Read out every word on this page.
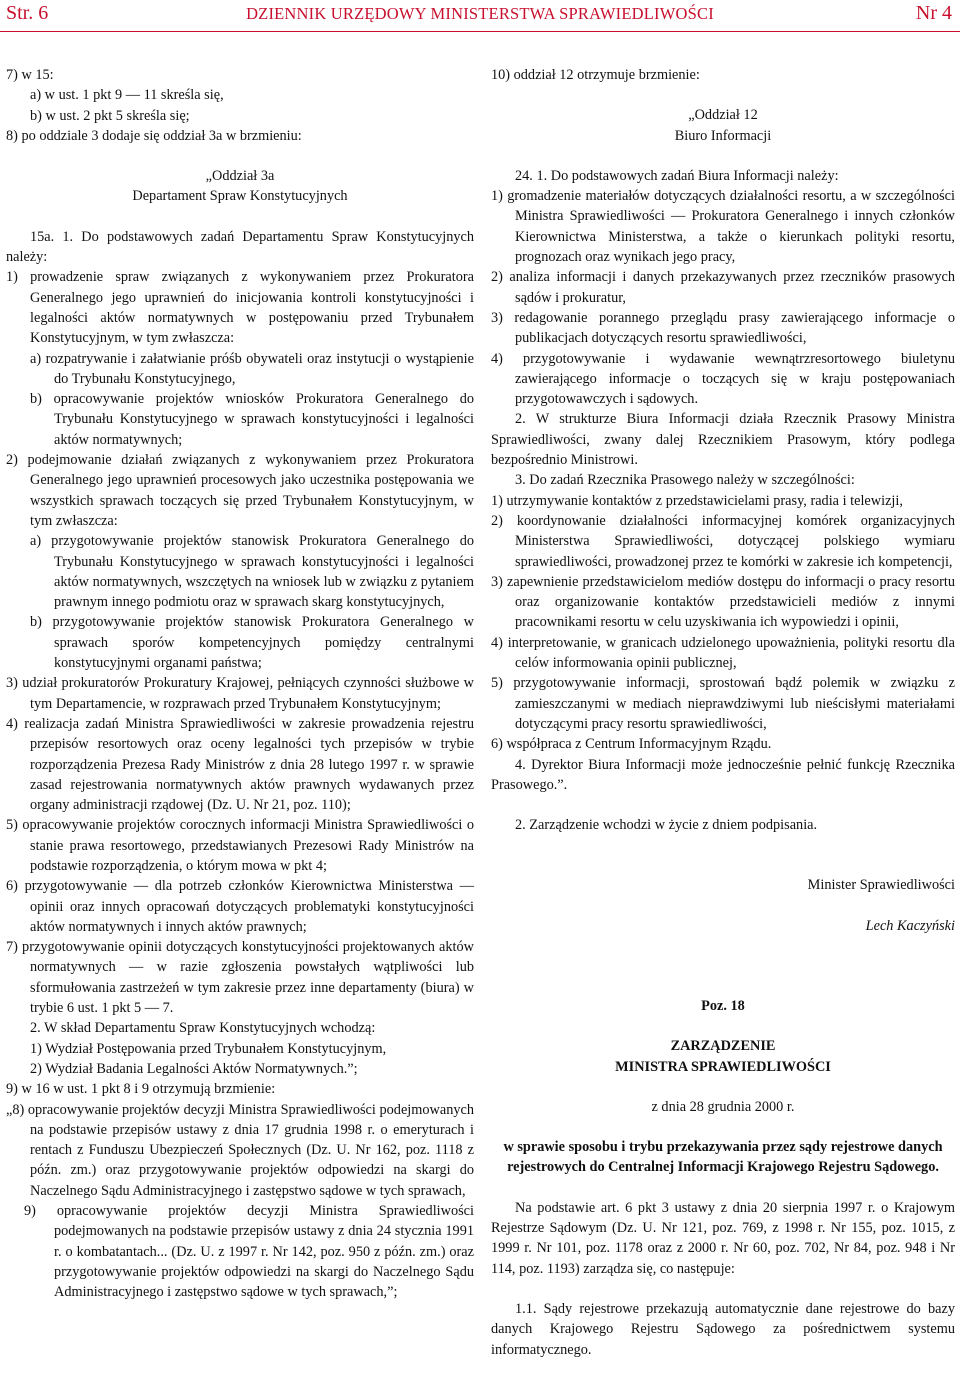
Str. 6	DZIENNIK URZĘDOWY MINISTERSTWA SPRAWIEDLIWOŚCI	Nr 4

7) w 15:

a) w ust. 1 pkt 9 — 11 skreśla się,

b) w ust. 2 pkt 5 skreśla się;

8) po oddziale 3 dodaje się oddział 3a w brzmieniu:

„Oddział 3a

Departament Spraw Konstytucyjnych

15a. 1. Do podstawowych zadań Departamentu Spraw Konstytucyjnych należy:

1) prowadzenie spraw związanych z wykonywaniem przez Prokuratora Generalnego jego uprawnień do inicjowania kontroli konstytucyjności i legalności aktów normatywnych w postępowaniu przed Trybunałem Konstytucyjnym, w tym zwłaszcza:

a) rozpatrywanie i załatwianie próśb obywateli oraz instytucji o wystąpienie do Trybunału Konstytucyjnego,

b) opracowywanie projektów wniosków Prokuratora Generalnego do Trybunału Konstytucyjnego w sprawach konstytucyjności i legalności aktów normatywnych;

2) podejmowanie działań związanych z wykonywaniem przez Prokuratora Generalnego jego uprawnień procesowych jako uczestnika postępowania we wszystkich sprawach toczących się przed Trybunałem Konstytucyjnym, w tym zwłaszcza:

a) przygotowywanie projektów stanowisk Prokuratora Generalnego do Trybunału Konstytucyjnego w sprawach konstytucyjności i legalności aktów normatywnych, wszczętych na wniosek lub w związku z pytaniem prawnym innego podmiotu oraz w sprawach skarg konstytucyjnych,

b) przygotowywanie projektów stanowisk Prokuratora Generalnego w sprawach sporów kompetencyjnych pomiędzy centralnymi konstytucyjnymi organami państwa;

3) udział prokuratorów Prokuratury Krajowej, pełniących czynności służbowe w tym Departamencie, w rozprawach przed Trybunałem Konstytucyjnym;

4) realizacja zadań Ministra Sprawiedliwości w zakresie prowadzenia rejestru przepisów resortowych oraz oceny legalności tych przepisów w trybie rozporządzenia Prezesa Rady Ministrów z dnia 28 lutego 1997 r. w sprawie zasad rejestrowania normatywnych aktów prawnych wydawanych przez organy administracji rządowej (Dz. U. Nr 21, poz. 110);

5) opracowywanie projektów corocznych informacji Ministra Sprawiedliwości o stanie prawa resortowego, przedstawianych Prezesowi Rady Ministrów na podstawie rozporządzenia, o którym mowa w pkt 4;

6) przygotowywanie — dla potrzeb członków Kierownictwa Ministerstwa — opinii oraz innych opracowań dotyczących problematyki konstytucyjności aktów normatywnych i innych aktów prawnych;

7) przygotowywanie opinii dotyczących konstytucyjności projektowanych aktów normatywnych — w razie zgłoszenia powstałych wątpliwości lub sformułowania zastrzeżeń w tym zakresie przez inne departamenty (biura) w trybie 6 ust. 1 pkt 5 — 7.

2. W skład Departamentu Spraw Konstytucyjnych wchodzą:

1) Wydział Postępowania przed Trybunałem Konstytucyjnym,

2) Wydział Badania Legalności Aktów Normatywnych.”;

9) w 16 w ust. 1 pkt 8 i 9 otrzymują brzmienie:

„8) opracowywanie projektów decyzji Ministra Sprawiedliwości podejmowanych na podstawie przepisów ustawy z dnia 17 grudnia 1998 r. o emeryturach i rentach z Funduszu Ubezpieczeń Społecznych (Dz. U. Nr 162, poz. 1118 z późn. zm.) oraz przygotowywanie projektów odpowiedzi na skargi do Naczelnego Sądu Administracyjnego i zastępstwo sądowe w tych sprawach,

9) opracowywanie projektów decyzji Ministra Sprawiedliwości podejmowanych na podstawie przepisów ustawy z dnia 24 stycznia 1991 r. o kombatantach... (Dz. U. z 1997 r. Nr 142, poz. 950 z późn. zm.) oraz przygotowywanie projektów odpowiedzi na skargi do Naczelnego Sądu Administracyjnego i zastępstwo sądowe w tych sprawach,”;

10) oddział 12 otrzymuje brzmienie:

„Oddział 12

Biuro Informacji

24. 1. Do podstawowych zadań Biura Informacji należy:

1) gromadzenie materiałów dotyczących działalności resortu, a w szczególności Ministra Sprawiedliwości — Prokuratora Generalnego i innych członków Kierownictwa Ministerstwa, a także o kierunkach polityki resortu, prognozach oraz wynikach jego pracy,

2) analiza informacji i danych przekazywanych przez rzeczników prasowych sądów i prokuratur,

3) redagowanie porannego przeglądu prasy zawierającego informacje o publikacjach dotyczących resortu sprawiedliwości,

4) przygotowywanie i wydawanie wewnątrzresortowego biuletynu zawierającego informacje o toczących się w kraju postępowaniach przygotowawczych i sądowych.

2. W strukturze Biura Informacji działa Rzecznik Prasowy Ministra Sprawiedliwości, zwany dalej Rzecznikiem Prasowym, który podlega bezpośrednio Ministrowi.

3. Do zadań Rzecznika Prasowego należy w szczególności:

1) utrzymywanie kontaktów z przedstawicielami prasy, radia i telewizji,

2) koordynowanie działalności informacyjnej komórek organizacyjnych Ministerstwa Sprawiedliwości, dotyczącej polskiego wymiaru sprawiedliwości, prowadzonej przez te komórki w zakresie ich kompetencji,

3) zapewnienie przedstawicielom mediów dostępu do informacji o pracy resortu oraz organizowanie kontaktów przedstawicieli mediów z innymi pracownikami resortu w celu uzyskiwania ich wypowiedzi i opinii,

4) interpretowanie, w granicach udzielonego upoważnienia, polityki resortu dla celów informowania opinii publicznej,

5) przygotowywanie informacji, sprostowań bądź polemik w związku z zamieszczanymi w mediach nieprawdziwymi lub nieścisłymi materiałami dotyczącymi pracy resortu sprawiedliwości,

6) współpraca z Centrum Informacyjnym Rządu.

4. Dyrektor Biura Informacji może jednocześnie pełnić funkcję Rzecznika Prasowego.”.

2. Zarządzenie wchodzi w życie z dniem podpisania.

Minister Sprawiedliwości

Lech Kaczyński

Poz. 18

ZARZĄDZENIE

MINISTRA SPRAWIEDLIWOŚCI

z dnia 28 grudnia 2000 r.

w sprawie sposobu i trybu przekazywania przez sądy rejestrowe danych rejestrowych do Centralnej Informacji Krajowego Rejestru Sądowego.

Na podstawie art. 6 pkt 3 ustawy z dnia 20 sierpnia 1997 r. o Krajowym Rejestrze Sądowym (Dz. U. Nr 121, poz. 769, z 1998 r. Nr 155, poz. 1015, z 1999 r. Nr 101, poz. 1178 oraz z 2000 r. Nr 60, poz. 702, Nr 84, poz. 948 i Nr 114, poz. 1193) zarządza się, co następuje:

1.1. Sądy rejestrowe przekazują automatycznie dane rejestrowe do bazy danych Krajowego Rejestru Sądowego za pośrednictwem systemu informatycznego.
